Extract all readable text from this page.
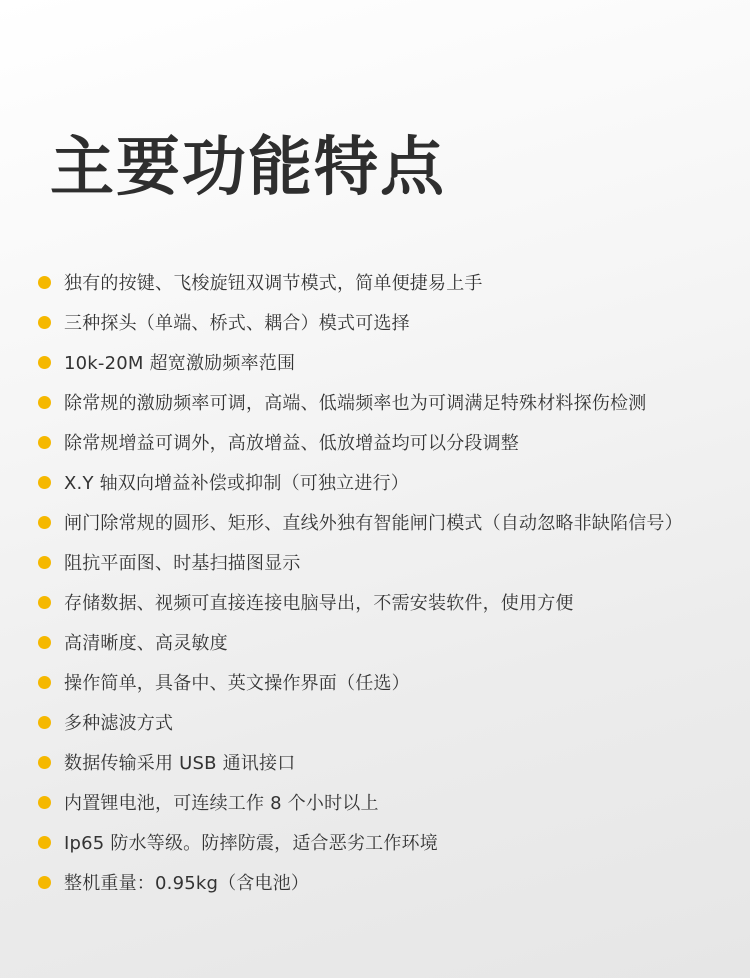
主要功能特点
独有的按键、飞梭旋钮双调节模式，简单便捷易上手
三种探头（单端、桥式、耦合）模式可选择
10k-20M 超宽激励频率范围
除常规的激励频率可调，高端、低端频率也为可调满足特殊材料探伤检测
除常规增益可调外，高放增益、低放增益均可以分段调整
X.Y 轴双向增益补偿或抑制（可独立进行）
闸门除常规的圆形、矩形、直线外独有智能闸门模式（自动忽略非缺陷信号）
阻抗平面图、时基扫描图显示
存储数据、视频可直接连接电脑导出，不需安装软件，使用方便
高清晰度、高灵敏度
操作简单，具备中、英文操作界面（任选）
多种滤波方式
数据传输采用 USB 通讯接口
内置锂电池，可连续工作 8 个小时以上
Ip65 防水等级。防摔防震，适合恶劣工作环境
整机重量：0.95kg（含电池）
